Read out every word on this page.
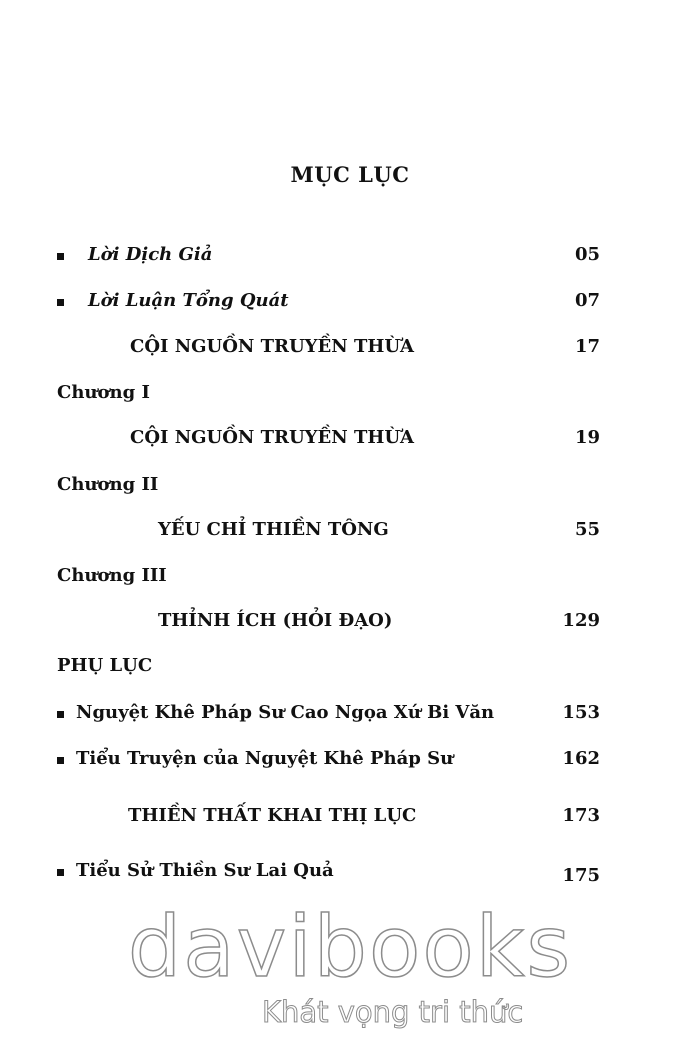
MỤC LỤC
Lời Dịch Giả	05
Lời Luận Tổng Quát	07
CỘI NGUỒN TRUYỀN THỪA	17
Chương I
CỘI NGUỒN TRUYỀN THỪA	19
Chương II
YẾU CHỈ THIỀN TÔNG	55
Chương III
THỈNH ÍCH (HỎI ĐẠO)	129
PHỤ LỤC
Nguyệt Khê Pháp Sư Cao Ngọa Xứ Bi Văn	153
Tiểu Truyện của Nguyệt Khê Pháp Sư	162
THIỀN THẤT KHAI THỊ LỤC	173
Tiểu Sử Thiền Sư Lai Quả	175
davibooks
Khát vọng tri thức
